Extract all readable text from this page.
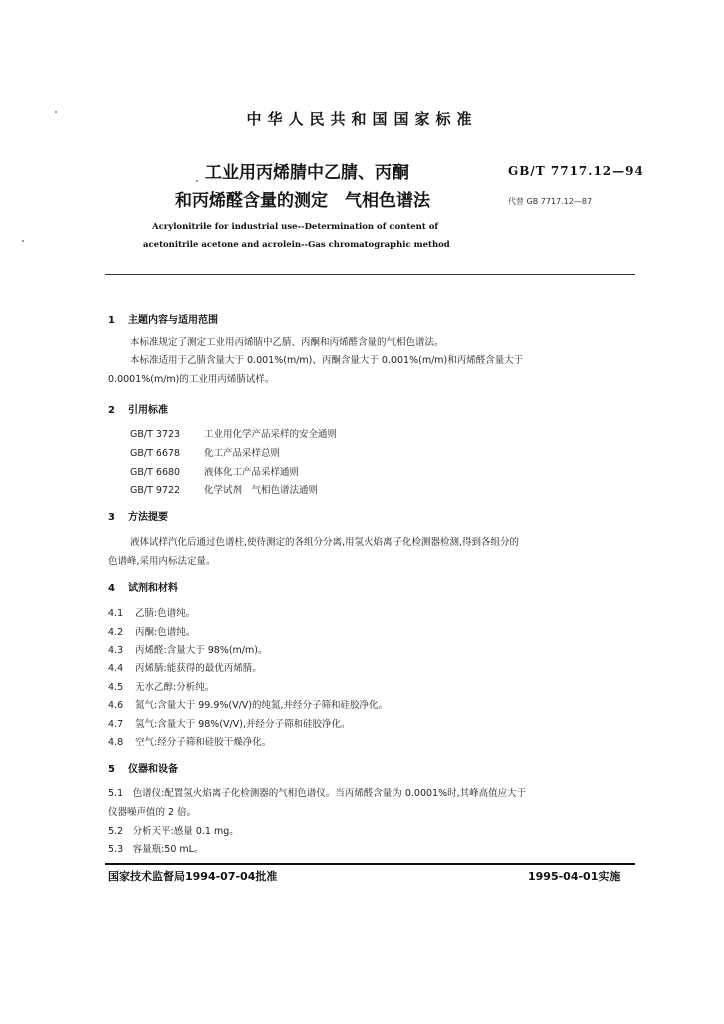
中华人民共和国国家标准
工业用丙烯腈中乙腈、丙酮
和丙烯醛含量的测定　气相色谱法
GB/T 7717.12—94
代替 GB 7717.12—87
Acrylonitrile for industrial use--Determination of content of
acetonitrile acetone and acrolein--Gas chromatographic method
1 主题内容与适用范围
本标准规定了测定工业用丙烯腈中乙腈、丙酮和丙烯醛含量的气相色谱法。
本标准适用于乙腈含量大于 0.001%(m/m)、丙酮含量大于 0.001%(m/m)和丙烯醛含量大于
0.0001%(m/m)的工业用丙烯腈试样。
2 引用标准
GB/T 3723	工业用化学产品采样的安全通则
GB/T 6678	化工产品采样总则
GB/T 6680	液体化工产品采样通则
GB/T 9722	化学试剂　气相色谱法通则
3 方法提要
液体试样汽化后通过色谱柱,使待测定的各组分分离,用氢火焰离子化检测器检测,得到各组分的
色谱峰,采用内标法定量。
4 试剂和材料
4.1 乙腈:色谱纯。
4.2 丙酮:色谱纯。
4.3 丙烯醛:含量大于 98%(m/m)。
4.4 丙烯腈:能获得的最优丙烯腈。
4.5 无水乙醇:分析纯。
4.6 氮气:含量大于 99.9%(V/V)的纯氮,并经分子筛和硅胶净化。
4.7 氢气:含量大于 98%(V/V),并经分子筛和硅胶净化。
4.8 空气:经分子筛和硅胶干燥净化。
5 仪器和设备
5.1　色谱仪:配置氢火焰离子化检测器的气相色谱仪。当丙烯醛含量为 0.0001%时,其峰高值应大于
仪器噪声值的 2 倍。
5.2　分析天平:感量 0.1 mg。
5.3　容量瓶:50 mL。
国家技术监督局1994-07-04批准	1995-04-01实施
